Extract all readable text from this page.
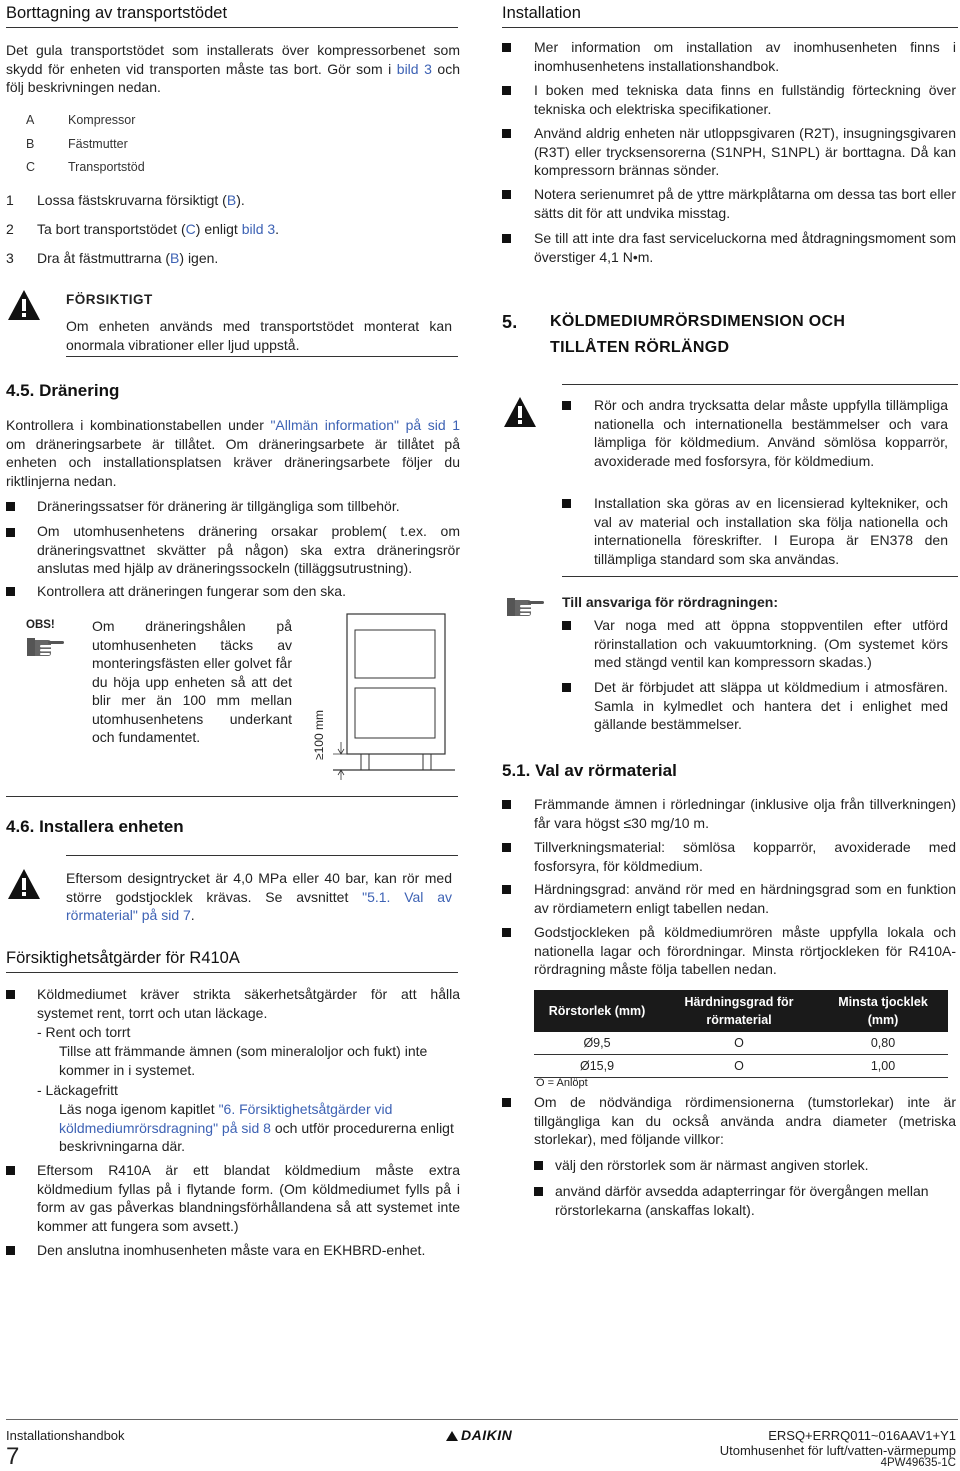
Borttagning av transportstödet
Det gula transportstödet som installerats över kompressorbenet som skydd för enheten vid transporten måste tas bort. Gör som i bild 3 och följ beskrivningen nedan.
A	Kompressor
B	Fästmutter
C	Transportstöd
1 Lossa fästskruvarna försiktigt (B).
2 Ta bort transportstödet (C) enligt bild 3.
3 Dra åt fästmuttrarna (B) igen.
FÖRSIKTIGT
Om enheten används med transportstödet monterat kan onormala vibrationer eller ljud uppstå.
4.5. Dränering
Kontrollera i kombinationstabellen under "Allmän information" på sid 1 om dräneringsarbete är tillåtet. Om dräneringsarbete är tillåtet på enheten och installationsplatsen kräver dräneringsarbete följer du riktlinjerna nedan.
Dräneringssatser för dränering är tillgängliga som tillbehör.
Om utomhusenhetens dränering orsakar problem( t.ex. om dräneringsvattnet skvätter på någon) ska extra dräneringsrör anslutas med hjälp av dräneringssockeln (tilläggsutrustning).
Kontrollera att dräneringen fungerar som den ska.
OBS!	Om dräneringshålen på utomhusenheten täcks av monteringsfästen eller golvet får du höja upp enheten så att det blir mer än 100 mm mellan utomhusenhetens underkant och fundamentet.	≥100 mm
4.6. Installera enheten
Eftersom designtrycket är 4,0 MPa eller 40 bar, kan rör med större godstjocklek krävas. Se avsnittet "5.1. Val av rörmaterial" på sid 7.
Försiktighetsåtgärder för R410A
Köldmediumet kräver strikta säkerhetsåtgärder för att hålla systemet rent, torrt och utan läckage.
- Rent och torrt
Tillse att främmande ämnen (som mineraloljor och fukt) inte kommer in i systemet.
- Läckagefritt
Läs noga igenom kapitlet "6. Försiktighetsåtgärder vid köldmediumrörsdragning" på sid 8 och utför procedurerna enligt beskrivningarna där.
Eftersom R410A är ett blandat köldmedium måste extra köldmedium fyllas på i flytande form. (Om köldmediumet fylls på i form av gas påverkas blandningsförhållandena så att systemet inte kommer att fungera som avsett.)
Den anslutna inomhusenheten måste vara en EKHBRD-enhet.
Installation
Mer information om installation av inomhusenheten finns i inomhusenhetens installationshandbok.
I boken med tekniska data finns en fullständig förteckning över tekniska och elektriska specifikationer.
Använd aldrig enheten när utloppsgivaren (R2T), insugningsgivaren (R3T) eller trycksensorerna (S1NPH, S1NPL) är borttagna. Då kan kompressorn brännas sönder.
Notera serienumret på de yttre märkplåtarna om dessa tas bort eller sätts dit för att undvika misstag.
Se till att inte dra fast serviceluckorna med åtdragningsmoment som överstiger 4,1 N•m.
5. KÖLDMEDIUMRÖRSDIMENSION OCH
TILLÅTEN RÖRLÄNGD
Rör och andra trycksatta delar måste uppfylla tillämpliga nationella och internationella bestämmelser och vara lämpliga för köldmedium. Använd sömlösa kopparrör, avoxiderade med fosforsyra, för köldmedium.
Installation ska göras av en licensierad kyltekniker, och val av material och installation ska följa nationella och internationella föreskrifter. I Europa är EN378 den tillämpliga standard som ska användas.
Till ansvariga för rördragningen:
Var noga med att öppna stoppventilen efter utförd rörinstallation och vakuumtorkning. (Om systemet körs med stängd ventil kan kompressorn skadas.)
Det är förbjudet att släppa ut köldmedium i atmosfären. Samla in kylmedlet och hantera det i enlighet med gällande bestämmelser.
5.1. Val av rörmaterial
Främmande ämnen i rörledningar (inklusive olja från tillverkningen) får vara högst ≤30 mg/10 m.
Tillverkningsmaterial: sömlösa kopparrör, avoxiderade med fosforsyra, för köldmedium.
Härdningsgrad: använd rör med en härdningsgrad som en funktion av rördiametern enligt tabellen nedan.
Godstjockleken på köldmediumrören måste uppfylla lokala och nationella lagar och förordningar. Minsta rörtjockleken för R410A-rördragning måste följa tabellen nedan.
Rörstorlek (mm)	Härdningsgrad för rörmaterial	Minsta tjocklek (mm)
Ø9,5	O	0,80
Ø15,9	O	1,00
O = Anlöpt
Om de nödvändiga rördimensionerna (tumstorlekar) inte är tillgängliga kan du också använda andra diameter (metriska storlekar), med följande villkor:
välj den rörstorlek som är närmast angiven storlek.
använd därför avsedda adapterringar för övergången mellan rörstorlekarna (anskaffas lokalt).
Installationshandbok
7
DAIKIN	ERSQ+ERRQ011~016AAV1+Y1
Utomhusenhet för luft/vatten-värmepump
4PW49635-1C
